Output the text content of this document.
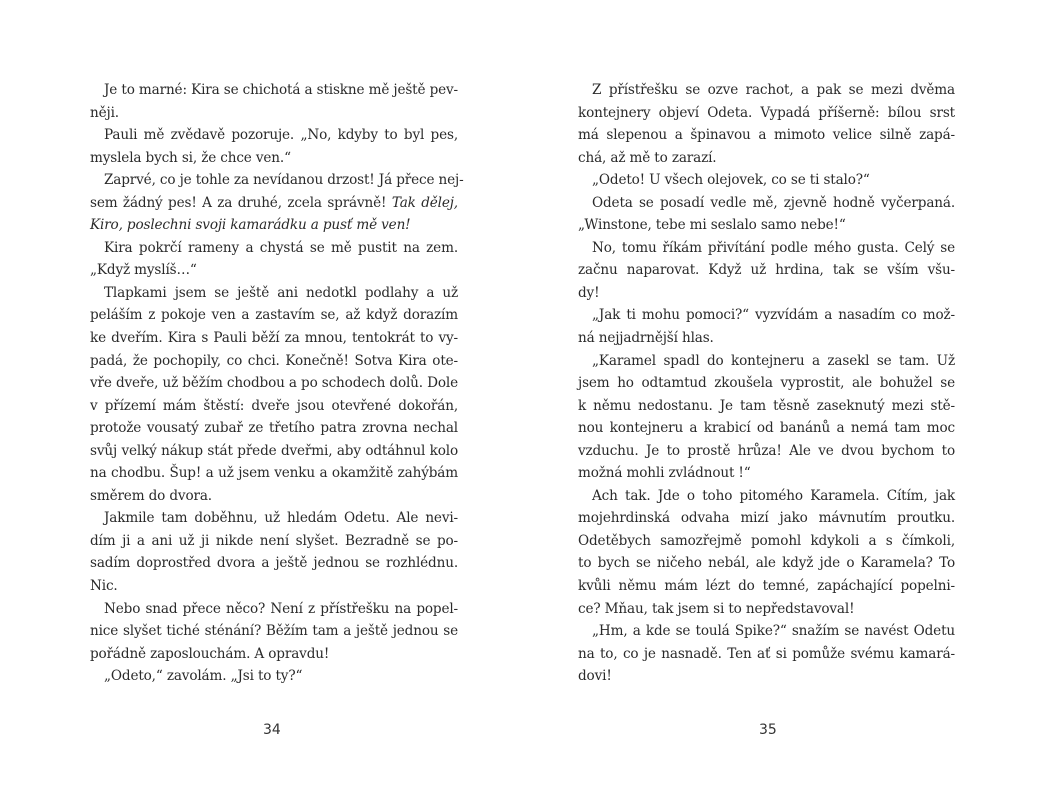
Je to marné: Kira se chichotá a stiskne mě ještě pev-
něji.
Pauli mě zvědavě pozoruje. „No, kdyby to byl pes,
myslela bych si, že chce ven.“
Zaprvé, co je tohle za nevídanou drzost! Já přece nej-
sem žádný pes! A za druhé, zcela správně! Tak dělej,
Kiro, poslechni svoji kamarádku a pusť mě ven!
Kira pokrčí rameny a chystá se mě pustit na zem.
„Když myslíš…“
Tlapkami jsem se ještě ani nedotkl podlahy a už
peláším z pokoje ven a zastavím se, až když dorazím
ke dveřím. Kira s Pauli běží za mnou, tentokrát to vy-
padá, že pochopily, co chci. Konečně! Sotva Kira ote-
vře dveře, už běžím chodbou a po schodech dolů. Dole
v přízemí mám štěstí: dveře jsou otevřené dokořán,
protože vousatý zubař ze třetího patra zrovna nechal
svůj velký nákup stát přede dveřmi, aby odtáhnul kolo
na chodbu. Šup! a už jsem venku a okamžitě zahýbám
směrem do dvora.
Jakmile tam doběhnu, už hledám Odetu. Ale nevi-
dím ji a ani už ji nikde není slyšet. Bezradně se po-
sadím doprostřed dvora a ještě jednou se rozhlédnu.
Nic.
Nebo snad přece něco? Není z přístřešku na popel-
nice slyšet tiché sténání? Běžím tam a ještě jednou se
pořádně zaposlouchám. A opravdu!
„Odeto,“ zavolám. „Jsi to ty?“
Z přístřešku se ozve rachot, a pak se mezi dvěma
kontejnery objeví Odeta. Vypadá příšerně: bílou srst
má slepenou a špinavou a mimoto velice silně zapá-
chá, až mě to zarazí.
„Odeto! U všech olejovek, co se ti stalo?“
Odeta se posadí vedle mě, zjevně hodně vyčerpaná.
„Winstone, tebe mi seslalo samo nebe!“
No, tomu říkám přivítání podle mého gusta. Celý se
začnu naparovat. Když už hrdina, tak se vším všu-
dy!
„Jak ti mohu pomoci?“ vyzvídám a nasadím co mož-
ná nejjadrnější hlas.
„Karamel spadl do kontejneru a zasekl se tam. Už
jsem ho odtamtud zkoušela vyprostit, ale bohužel se
k němu nedostanu. Je tam těsně zaseknutý mezi stě-
nou kontejneru a krabicí od banánů a nemá tam moc
vzduchu. Je to prostě hrůza! Ale ve dvou bychom to
možná mohli zvládnout !“
Ach tak. Jde o toho pitomého Karamela. Cítím, jak
mojehrdinská odvaha mizí jako mávnutím proutku.
Odetěbych samozřejmě pomohl kdykoli a s čímkoli,
to bych se ničeho nebál, ale když jde o Karamela? To
kvůli němu mám lézt do temné, zapáchající popelni-
ce? Mňau, tak jsem si to nepředstavoval!
„Hm, a kde se toulá Spike?“ snažím se navést Odetu
na to, co je nasnadě. Ten ať si pomůže svému kamará-
dovi!
34	35
